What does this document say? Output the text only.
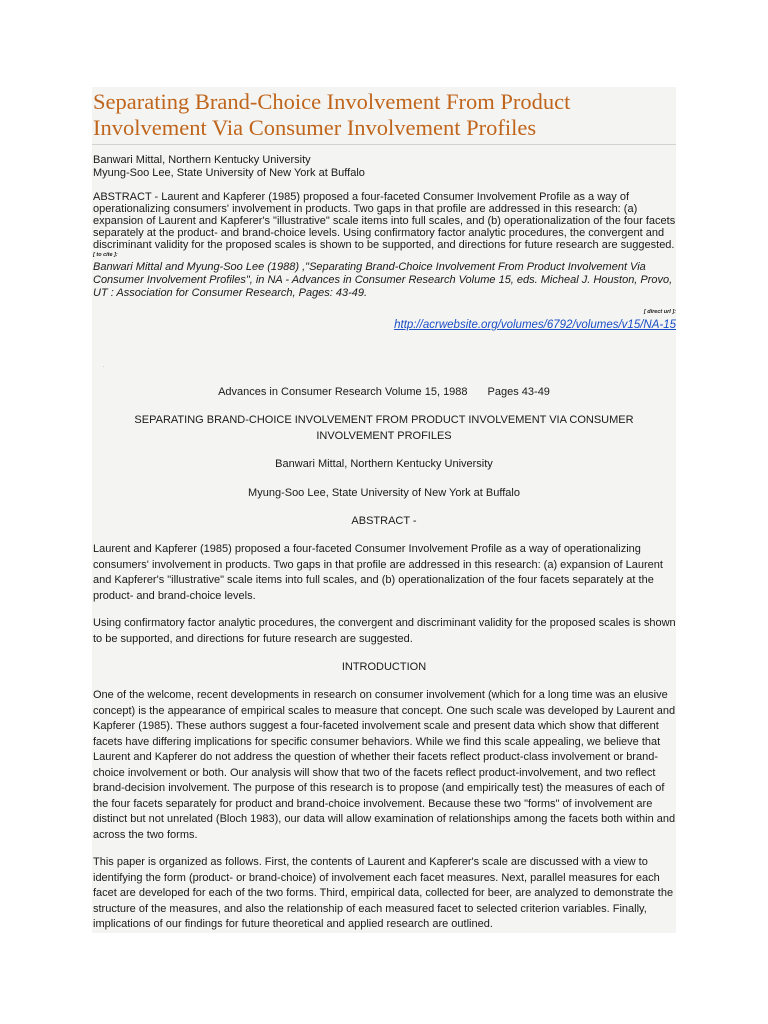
Separating Brand-Choice Involvement From Product Involvement Via Consumer Involvement Profiles
Banwari Mittal, Northern Kentucky University
Myung-Soo Lee, State University of New York at Buffalo
ABSTRACT - Laurent and Kapferer (1985) proposed a four-faceted Consumer Involvement Profile as a way of operationalizing consumers' involvement in products. Two gaps in that profile are addressed in this research: (a) expansion of Laurent and Kapferer's "illustrative" scale items into full scales, and (b) operationalization of the four facets separately at the product- and brand-choice levels. Using confirmatory factor analytic procedures, the convergent and discriminant validity for the proposed scales is shown to be supported, and directions for future research are suggested.
[ to cite ]:
Banwari Mittal and Myung-Soo Lee (1988) ,"Separating Brand-Choice Involvement From Product Involvement Via Consumer Involvement Profiles", in NA - Advances in Consumer Research Volume 15, eds. Micheal J. Houston, Provo, UT : Association for Consumer Research, Pages: 43-49.
[ direct url ]:
http://acrwebsite.org/volumes/6792/volumes/v15/NA-15
Advances in Consumer Research Volume 15, 1988 Pages 43-49
SEPARATING BRAND-CHOICE INVOLVEMENT FROM PRODUCT INVOLVEMENT VIA CONSUMER INVOLVEMENT PROFILES
Banwari Mittal, Northern Kentucky University
Myung-Soo Lee, State University of New York at Buffalo
ABSTRACT -

Laurent and Kapferer (1985) proposed a four-faceted Consumer Involvement Profile as a way of operationalizing consumers' involvement in products. Two gaps in that profile are addressed in this research: (a) expansion of Laurent and Kapferer's "illustrative" scale items into full scales, and (b) operationalization of the four facets separately at the product- and brand-choice levels.

Using confirmatory factor analytic procedures, the convergent and discriminant validity for the proposed scales is shown to be supported, and directions for future research are suggested.

INTRODUCTION

One of the welcome, recent developments in research on consumer involvement (which for a long time was an elusive concept) is the appearance of empirical scales to measure that concept. One such scale was developed by Laurent and Kapferer (1985). These authors suggest a four-faceted involvement scale and present data which show that different facets have differing implications for specific consumer behaviors. While we find this scale appealing, we believe that Laurent and Kapferer do not address the question of whether their facets reflect product-class involvement or brand-choice involvement or both. Our analysis will show that two of the facets reflect product-involvement, and two reflect brand-decision involvement. The purpose of this research is to propose (and empirically test) the measures of each of the four facets separately for product and brand-choice involvement. Because these two "forms" of involvement are distinct but not unrelated (Bloch 1983), our data will allow examination of relationships among the facets both within and across the two forms.

This paper is organized as follows. First, the contents of Laurent and Kapferer's scale are discussed with a view to identifying the form (product- or brand-choice) of involvement each facet measures. Next, parallel measures for each facet are developed for each of the two forms. Third, empirical data, collected for beer, are analyzed to demonstrate the structure of the measures, and also the relationship of each measured facet to selected criterion variables. Finally, implications of our findings for future theoretical and applied research are outlined.
